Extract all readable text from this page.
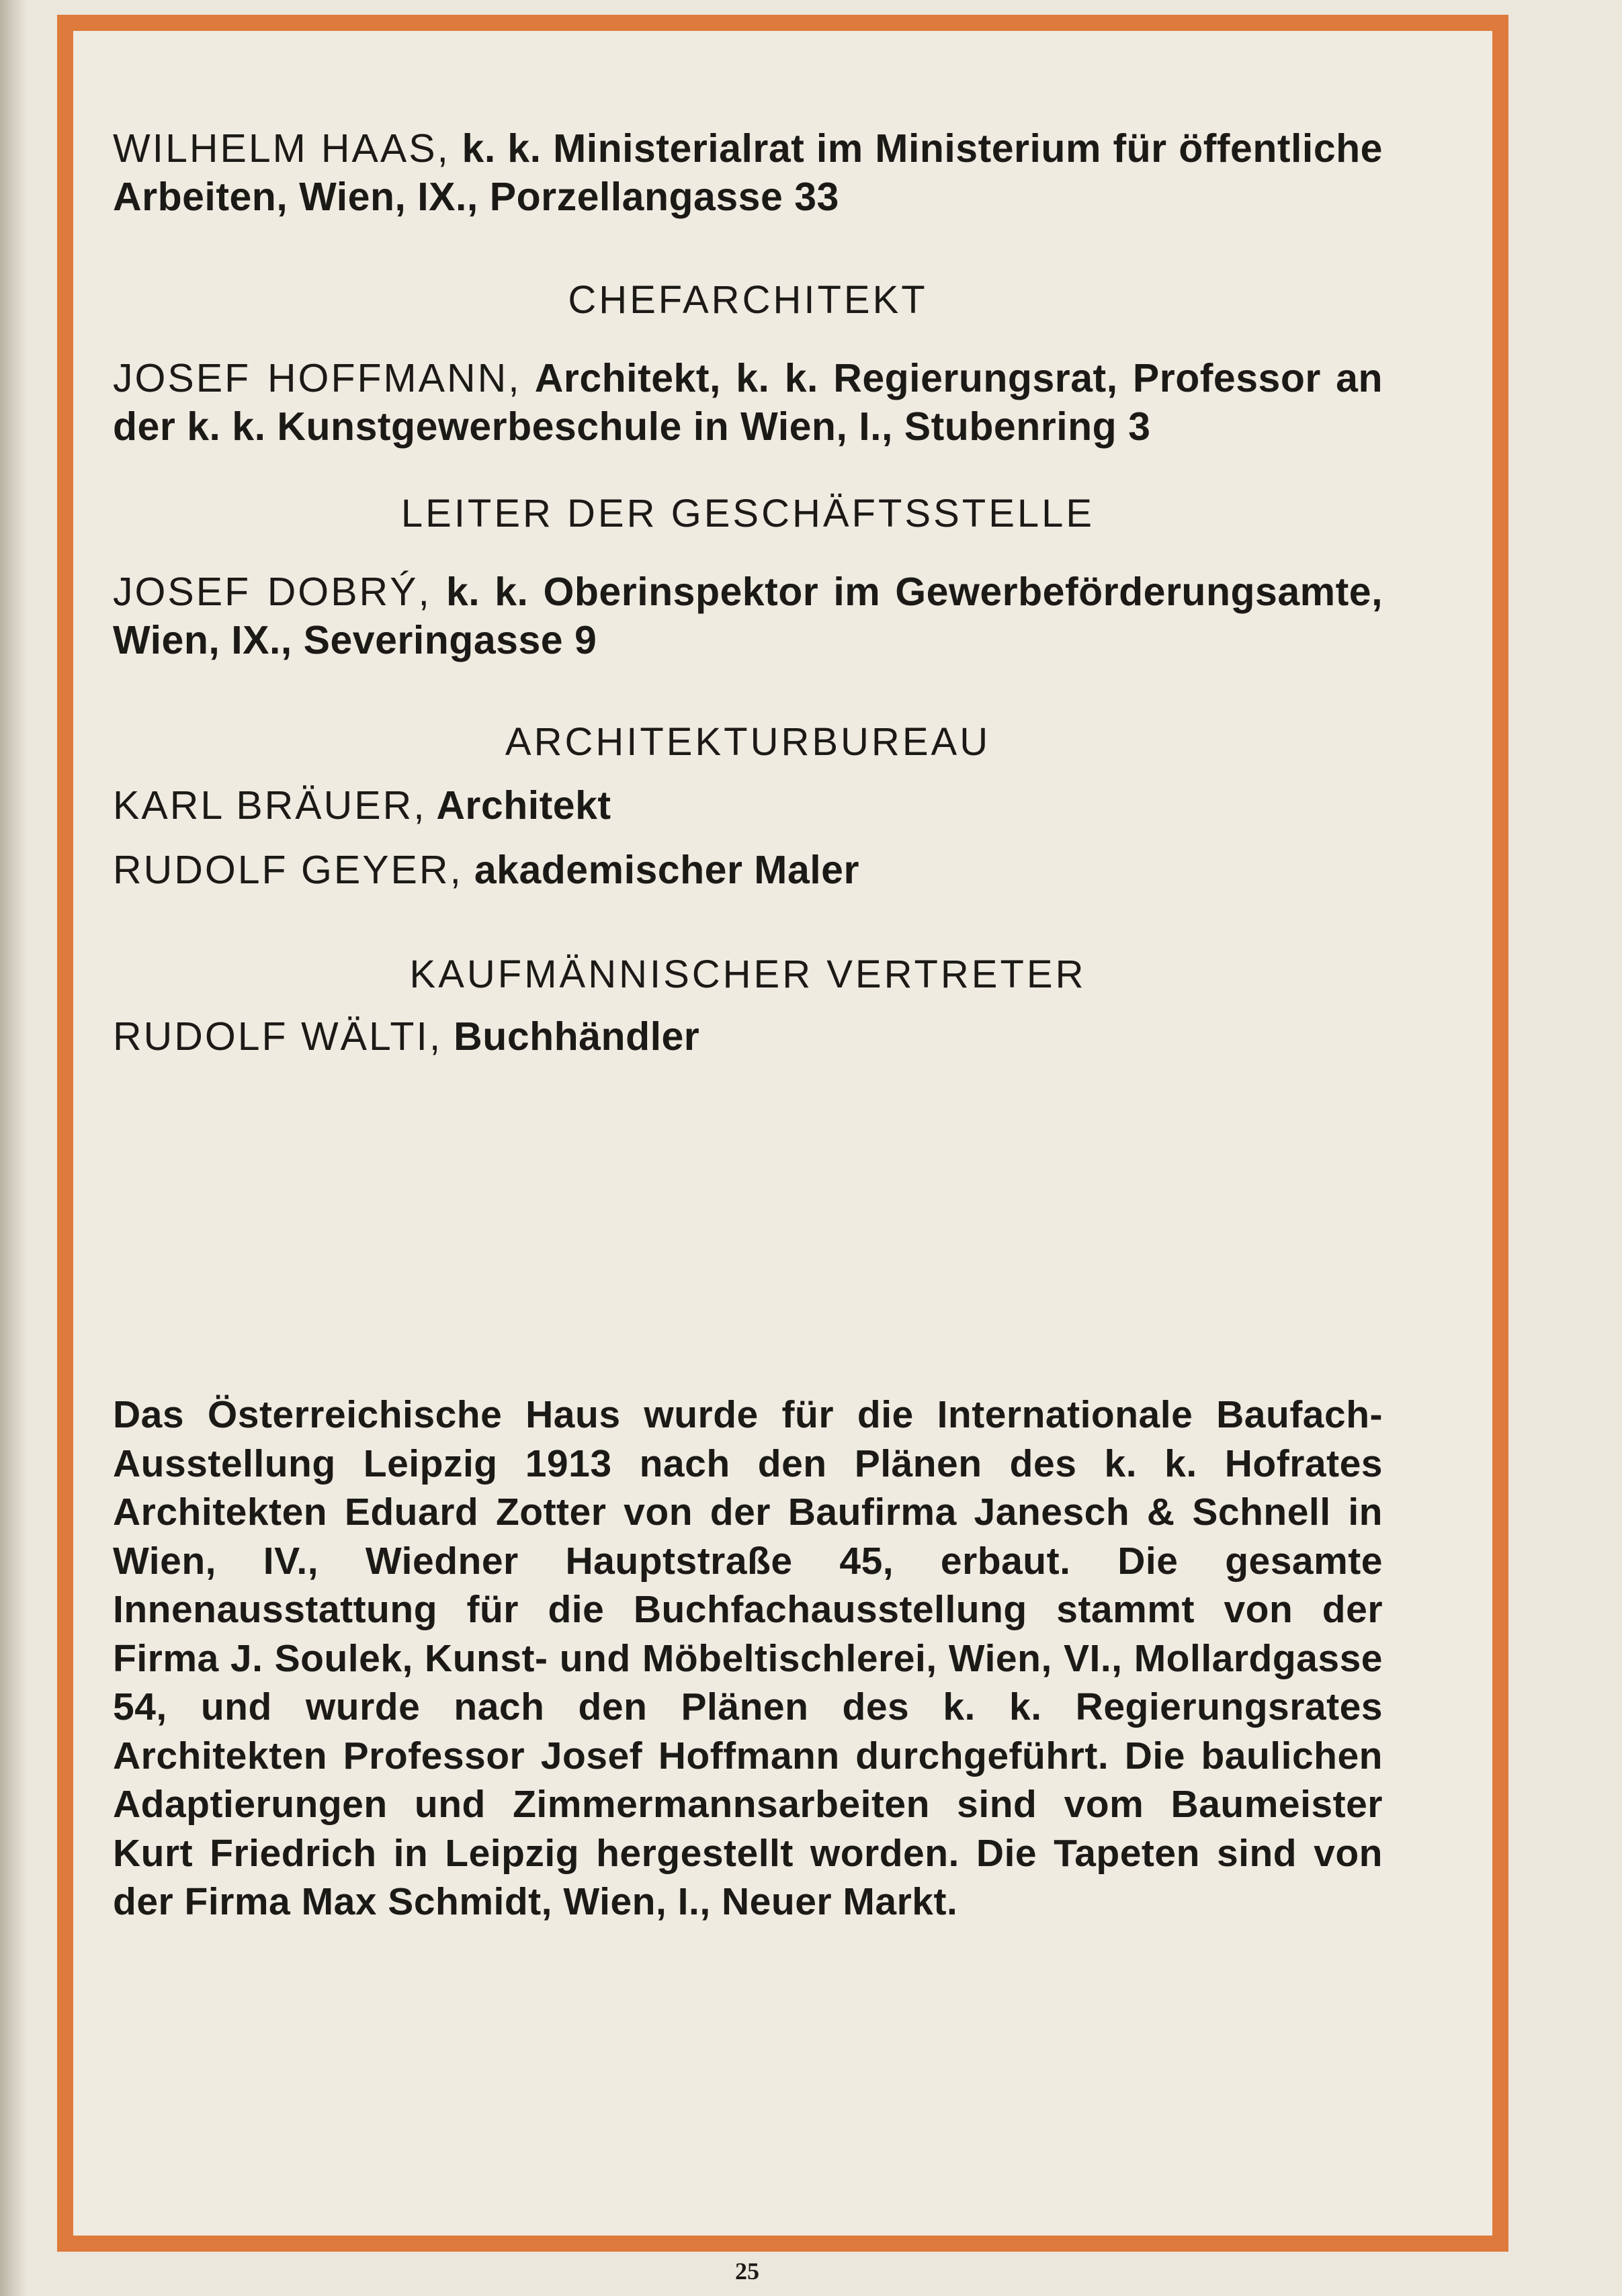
WILHELM HAAS, k. k. Ministerialrat im Ministerium für öffentliche Arbeiten, Wien, IX., Porzellangasse 33

CHEFARCHITEKT

JOSEF HOFFMANN, Architekt, k. k. Regierungsrat, Professor an der k. k. Kunstgewerbeschule in Wien, I., Stubenring 3

LEITER DER GESCHÄFTSSTELLE

JOSEF DOBRÝ, k. k. Oberinspektor im Gewerbeförderungsamte, Wien, IX., Severingasse 9

ARCHITEKTURBUREAU

KARL BRÄUER, Architekt

RUDOLF GEYER, akademischer Maler

KAUFMÄNNISCHER VERTRETER

RUDOLF WÄLTI, Buchhändler

Das Österreichische Haus wurde für die Internationale Baufach-Ausstellung Leipzig 1913 nach den Plänen des k. k. Hofrates Architekten Eduard Zotter von der Baufirma Janesch & Schnell in Wien, IV., Wiedner Hauptstraße 45, erbaut. Die gesamte Innenausstattung für die Buchfachausstellung stammt von der Firma J. Soulek, Kunst- und Möbeltischlerei, Wien, VI., Mollardgasse 54, und wurde nach den Plänen des k. k. Regierungsrates Architekten Professor Josef Hoffmann durchgeführt. Die baulichen Adaptierungen und Zimmermannsarbeiten sind vom Baumeister Kurt Friedrich in Leipzig hergestellt worden. Die Tapeten sind von der Firma Max Schmidt, Wien, I., Neuer Markt.

25
